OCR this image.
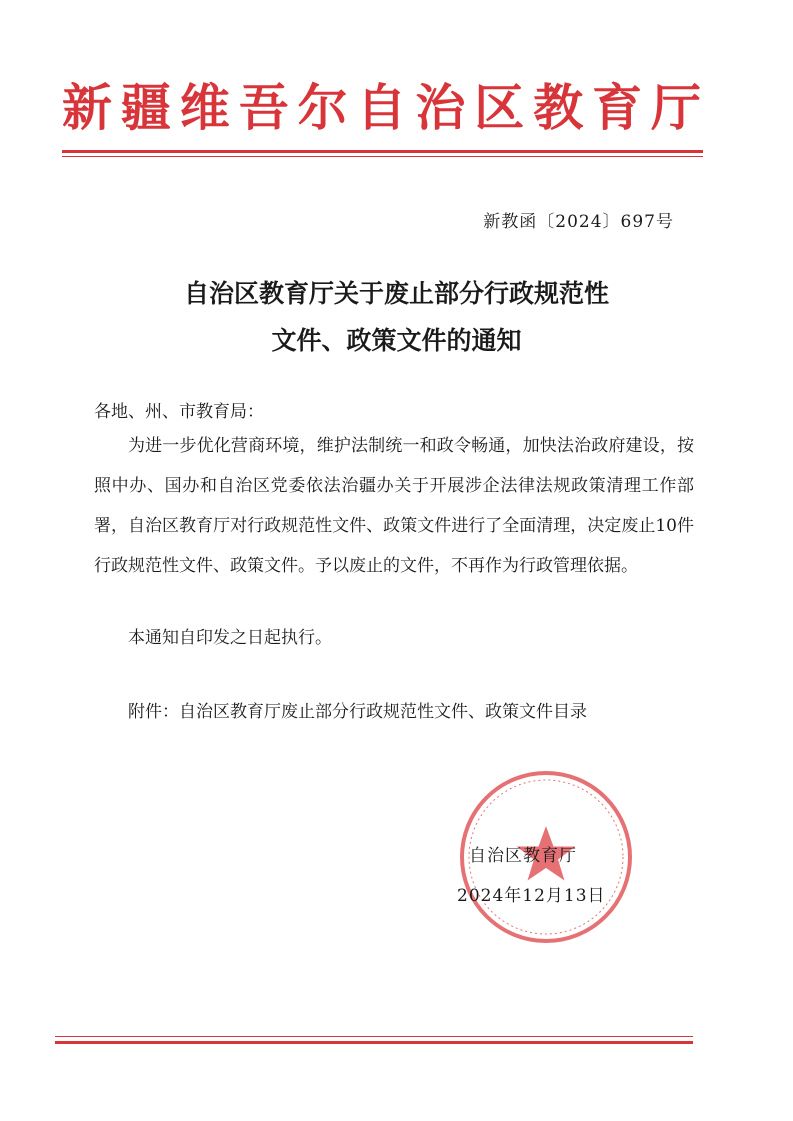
新疆维吾尔自治区教育厅
新教函〔2024〕697号
自治区教育厅关于废止部分行政规范性
文件、政策文件的通知

各地、州、市教育局：

为进一步优化营商环境，维护法制统一和政令畅通，加快法治政府建设，按照中办、国办和自治区党委依法治疆办关于开展涉企法律法规政策清理工作部署，自治区教育厅对行政规范性文件、政策文件进行了全面清理，决定废止10件行政规范性文件、政策文件。予以废止的文件，不再作为行政管理依据。

本通知自印发之日起执行。

附件：自治区教育厅废止部分行政规范性文件、政策文件目录

自治区教育厅
2024年12月13日
